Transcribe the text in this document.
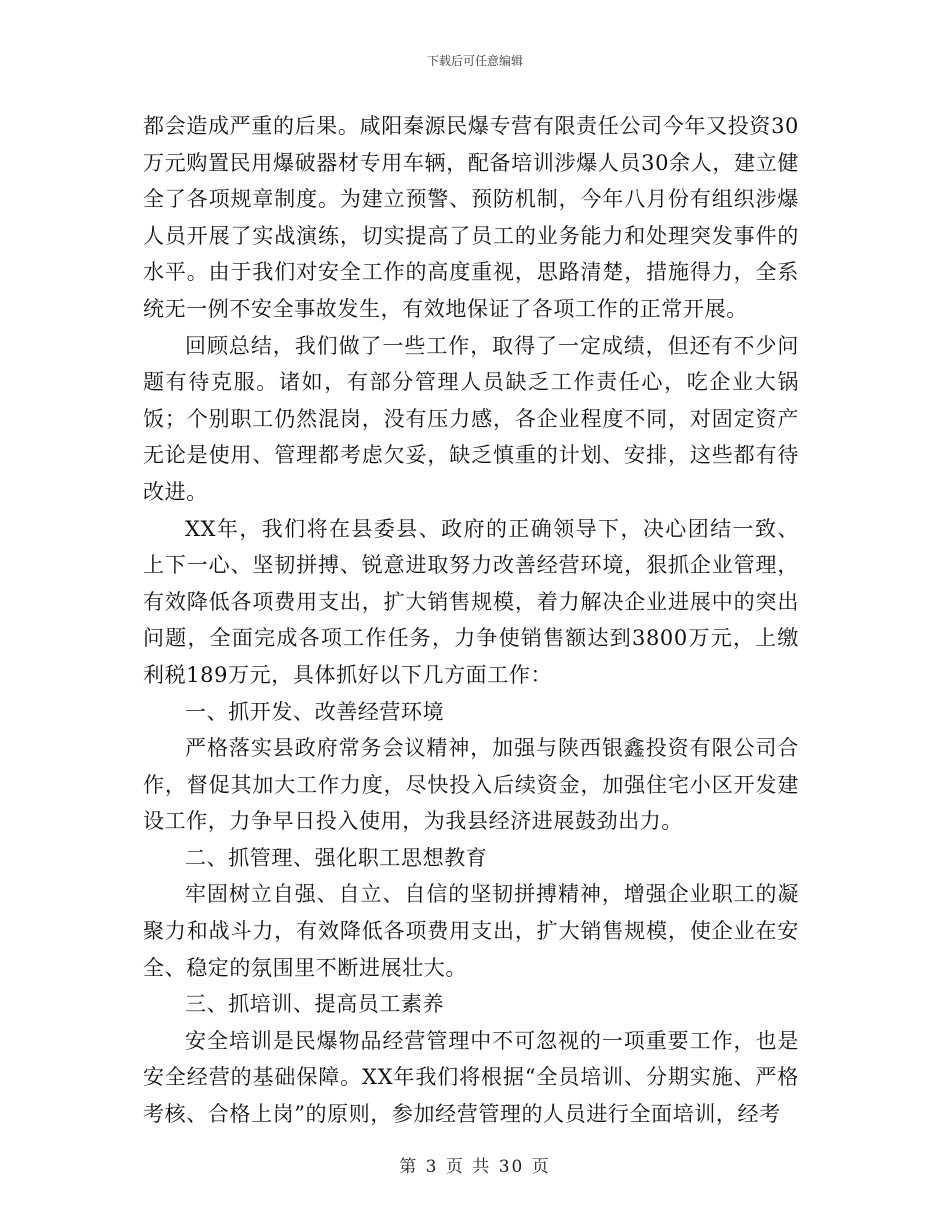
下载后可任意编辑

都会造成严重的后果。咸阳秦源民爆专营有限责任公司今年又投资30万元购置民用爆破器材专用车辆，配备培训涉爆人员30余人，建立健全了各项规章制度。为建立预警、预防机制，今年八月份有组织涉爆人员开展了实战演练，切实提高了员工的业务能力和处理突发事件的水平。由于我们对安全工作的高度重视，思路清楚，措施得力，全系统无一例不安全事故发生，有效地保证了各项工作的正常开展。

回顾总结，我们做了一些工作，取得了一定成绩，但还有不少问题有待克服。诸如，有部分管理人员缺乏工作责任心，吃企业大锅饭；个别职工仍然混岗，没有压力感，各企业程度不同，对固定资产无论是使用、管理都考虑欠妥，缺乏慎重的计划、安排，这些都有待改进。

XX年，我们将在县委县、政府的正确领导下，决心团结一致、上下一心、坚韧拼搏、锐意进取努力改善经营环境，狠抓企业管理，有效降低各项费用支出，扩大销售规模，着力解决企业进展中的突出问题，全面完成各项工作任务，力争使销售额达到3800万元，上缴利税189万元，具体抓好以下几方面工作：

一、抓开发、改善经营环境

严格落实县政府常务会议精神，加强与陕西银鑫投资有限公司合作，督促其加大工作力度，尽快投入后续资金，加强住宅小区开发建设工作，力争早日投入使用，为我县经济进展鼓劲出力。

二、抓管理、强化职工思想教育

牢固树立自强、自立、自信的坚韧拼搏精神，增强企业职工的凝聚力和战斗力，有效降低各项费用支出，扩大销售规模，使企业在安全、稳定的氛围里不断进展壮大。

三、抓培训、提高员工素养

安全培训是民爆物品经营管理中不可忽视的一项重要工作，也是安全经营的基础保障。XX年我们将根据“全员培训、分期实施、严格考核、合格上岗”的原则，参加经营管理的人员进行全面培训，经考

第 3 页 共 30 页
